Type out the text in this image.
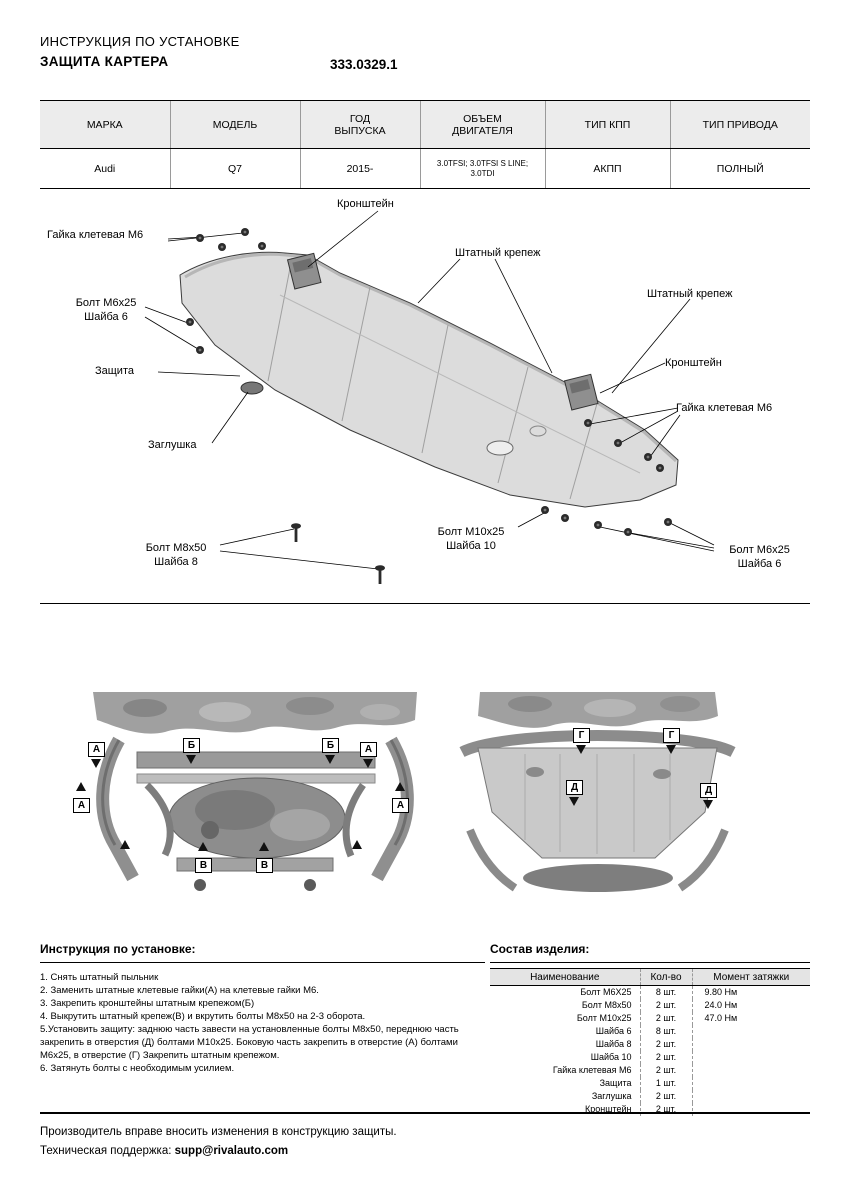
ИНСТРУКЦИЯ ПО УСТАНОВКЕ
ЗАЩИТА КАРТЕРА	333.0329.1
МАРКА	МОДЕЛЬ	ГОД ВЫПУСКА	ОБЪЕМ ДВИГАТЕЛЯ	ТИП КПП	ТИП ПРИВОДА
Audi	Q7	2015-	3.0TFSI; 3.0TFSI S LINE; 3.0TDI	АКПП	ПОЛНЫЙ
Кронштейн
Гайка клетевая М6
Штатный крепеж
Штатный крепеж
Болт М6х25
Шайба 6
Защита
Кронштейн
Гайка клетевая М6
Заглушка
Болт М8х50
Шайба 8
Болт М10х25
Шайба 10	Болт М6х25
Шайба 6
А	Б	Б	А
А	А
В	В
Г	Г
Д	Д
Инструкция по установке:

1. Снять штатный пыльник

2. Заменить штатные клетевые гайки(А) на клетевые гайки М6.

3. Закрепить кронштейны штатным крепежом(Б)

4. Выкрутить штатный крепеж(В) и вкрутить болты М8х50 на 2-3 оборота.

5.Установить защиту: заднюю часть завести на установленные болты М8х50, переднюю часть закрепить в отверстия (Д) болтами М10х25. Боковую часть закрепить в отверстие (А) болтами М6х25, в отверстие (Г) Закрепить штатным крепежом.

6. Затянуть болты с необходимым усилием.

Состав изделия:
Наименование	Кол-во	Момент затяжки
Болт М6Х25	8 шт.	9.80 Нм
Болт М8х50	2 шт.	24.0 Нм
Болт М10х25	2 шт.	47.0 Нм
Шайба 6	8 шт.	
Шайба 8	2 шт.	
Шайба 10	2 шт.	
Гайка клетевая М6	2 шт.	
Защита	1 шт.	
Заглушка	2 шт.	
Кронштейн	2 шт.	
Производитель вправе вносить изменения в конструкцию защиты.
Техническая поддержка: supp@rivalauto.com
